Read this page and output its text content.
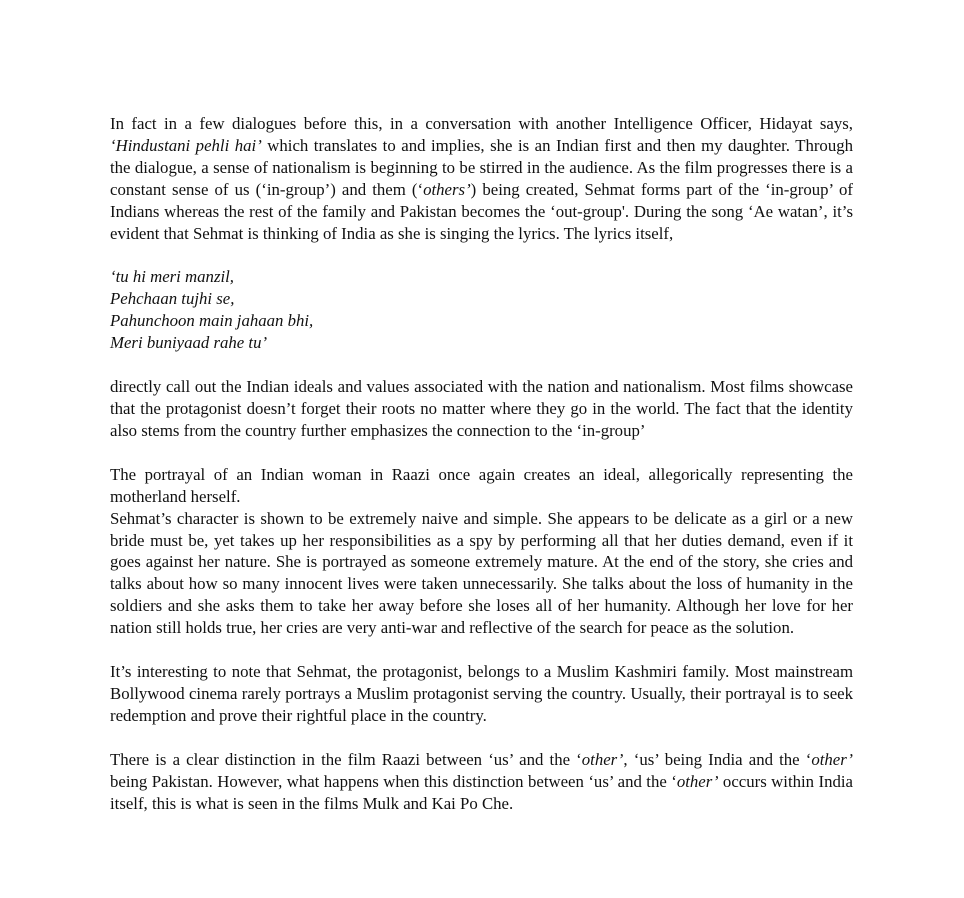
In fact in a few dialogues before this, in a conversation with another Intelligence Officer, Hidayat says, ‘Hindustani pehli hai’ which translates to and implies, she is an Indian first and then my daughter. Through the dialogue, a sense of nationalism is beginning to be stirred in the audience. As the film progresses there is a constant sense of us (‘in-group’) and them (‘others’) being created, Sehmat forms part of the ‘in-group’ of Indians whereas the rest of the family and Pakistan becomes the ‘out-group'. During the song ‘Ae watan’, it’s evident that Sehmat is thinking of India as she is singing the lyrics. The lyrics itself,

‘tu hi meri manzil,
Pehchaan tujhi se,
Pahunchoon main jahaan bhi,
Meri buniyaad rahe tu’

directly call out the Indian ideals and values associated with the nation and nationalism. Most films showcase that the protagonist doesn’t forget their roots no matter where they go in the world. The fact that the identity also stems from the country further emphasizes the connection to the ‘in-group’

The portrayal of an Indian woman in Raazi once again creates an ideal, allegorically representing the motherland herself.

Sehmat’s character is shown to be extremely naive and simple. She appears to be delicate as a girl or a new bride must be, yet takes up her responsibilities as a spy by performing all that her duties demand, even if it goes against her nature. She is portrayed as someone extremely mature. At the end of the story, she cries and talks about how so many innocent lives were taken unnecessarily. She talks about the loss of humanity in the soldiers and she asks them to take her away before she loses all of her humanity. Although her love for her nation still holds true, her cries are very anti-war and reflective of the search for peace as the solution.

It’s interesting to note that Sehmat, the protagonist, belongs to a Muslim Kashmiri family. Most mainstream Bollywood cinema rarely portrays a Muslim protagonist serving the country. Usually, their portrayal is to seek redemption and prove their rightful place in the country.

There is a clear distinction in the film Raazi between ‘us’ and the ‘other’, ‘us’ being India and the ‘other’ being Pakistan. However, what happens when this distinction between ‘us’ and the ‘other’ occurs within India itself, this is what is seen in the films Mulk and Kai Po Che.
